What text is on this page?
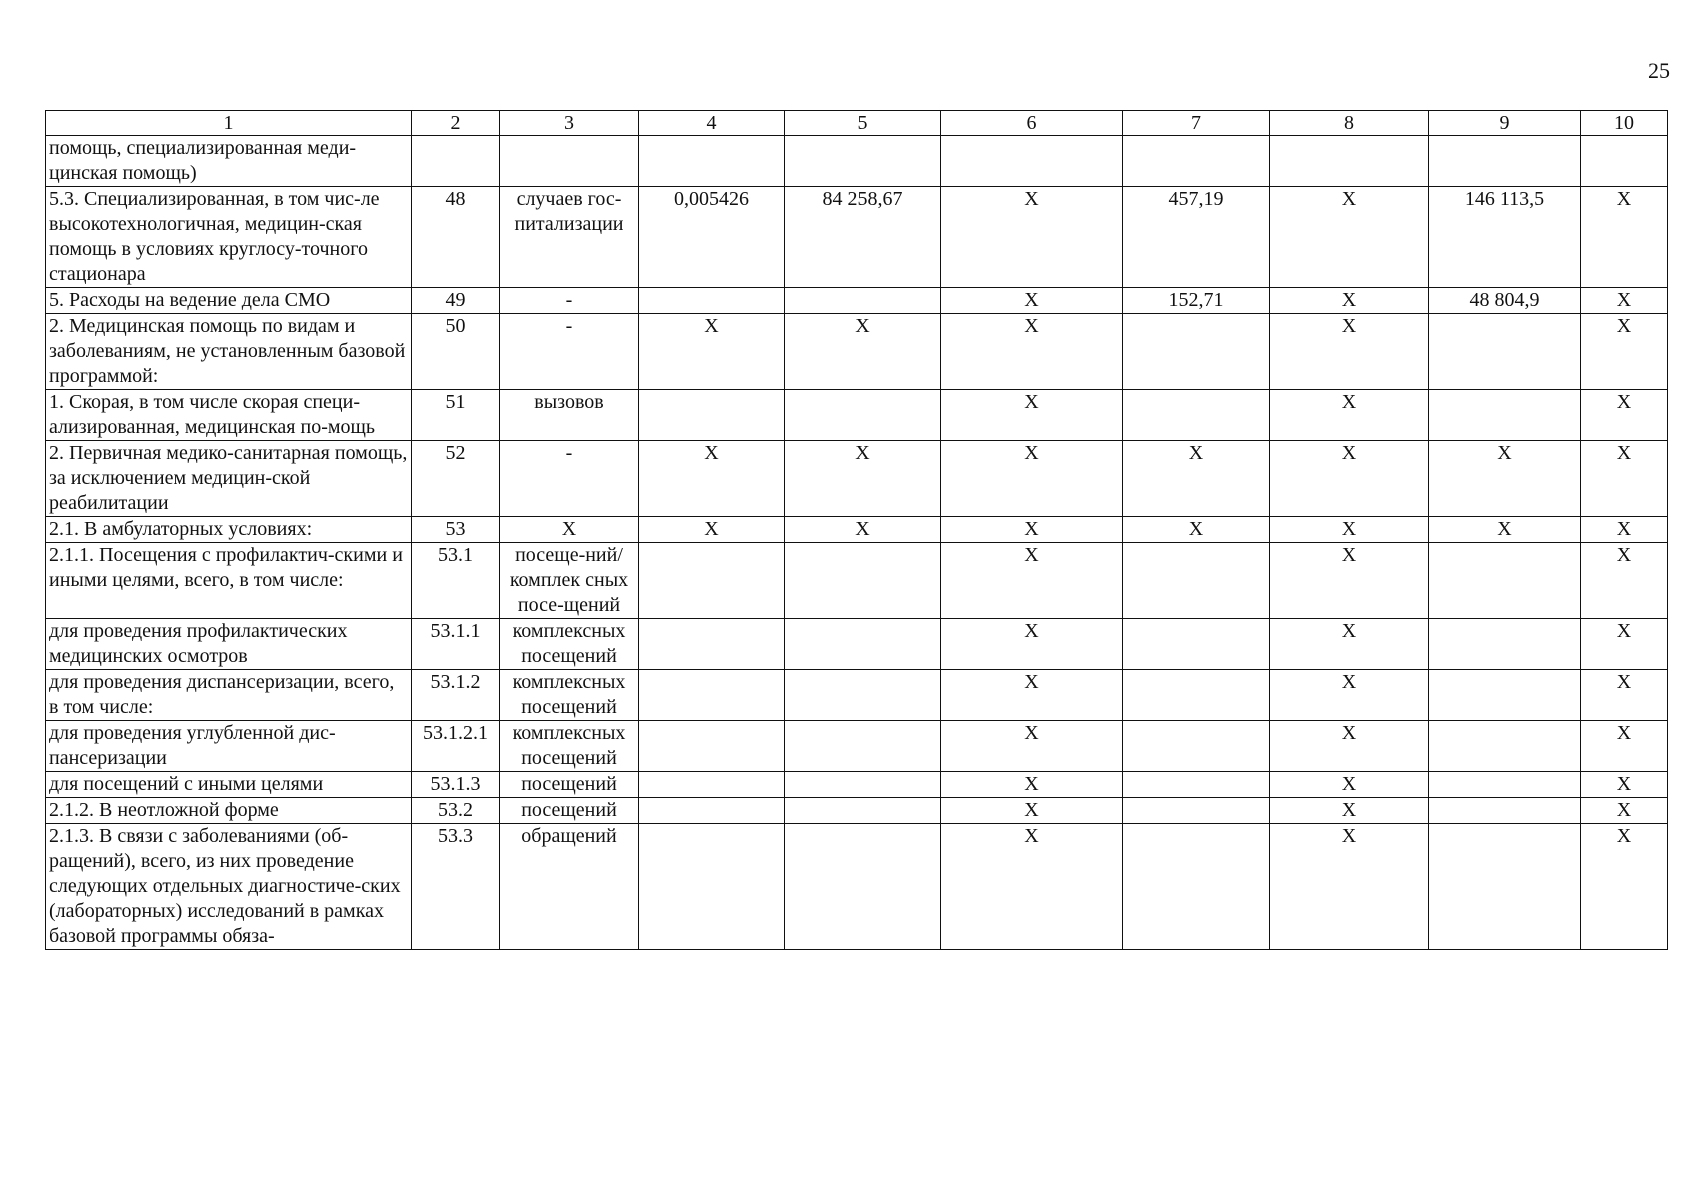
25
1	2	3	4	5	6	7	8	9	10
помощь, специализированная меди-цинская помощь)									
5.3. Специализированная, в том чис-ле высокотехнологичная, медицин-ская помощь в условиях круглосу-точного стационара	48	случаев гос-питализации	0,005426	84 258,67	X	457,19	X	146 113,5	X
5. Расходы на ведение дела СМО	49	-			X	152,71	X	48 804,9	X
2. Медицинская помощь по видам и заболеваниям, не установленным базовой программой:	50	-	X	X	X		X		X
1. Скорая, в том числе скорая специ-ализированная, медицинская по-мощь	51	вызовов			X		X		X
2. Первичная медико-санитарная помощь, за исключением медицин-ской реабилитации	52	-	X	X	X	X	X	X	X
2.1. В амбулаторных условиях:	53	X	X	X	X	X	X	X	X
2.1.1. Посещения с профилактич-скими и иными целями, всего, в том числе:	53.1	посеще-ний/комплек сных посе-щений			X		X		X
для проведения профилактических медицинских осмотров	53.1.1	комплексных посещений			X		X		X
для проведения диспансеризации, всего, в том числе:	53.1.2	комплексных посещений			X		X		X
для проведения углубленной дис-пансеризации	53.1.2.1	комплексных посещений			X		X		X
для посещений с иными целями	53.1.3	посещений			X		X		X
2.1.2. В неотложной форме	53.2	посещений			X		X		X
2.1.3. В связи с заболеваниями (об-ращений), всего, из них проведение следующих отдельных диагностиче-ских (лабораторных) исследований в рамках базовой программы обяза-	53.3	обращений			X		X		X
